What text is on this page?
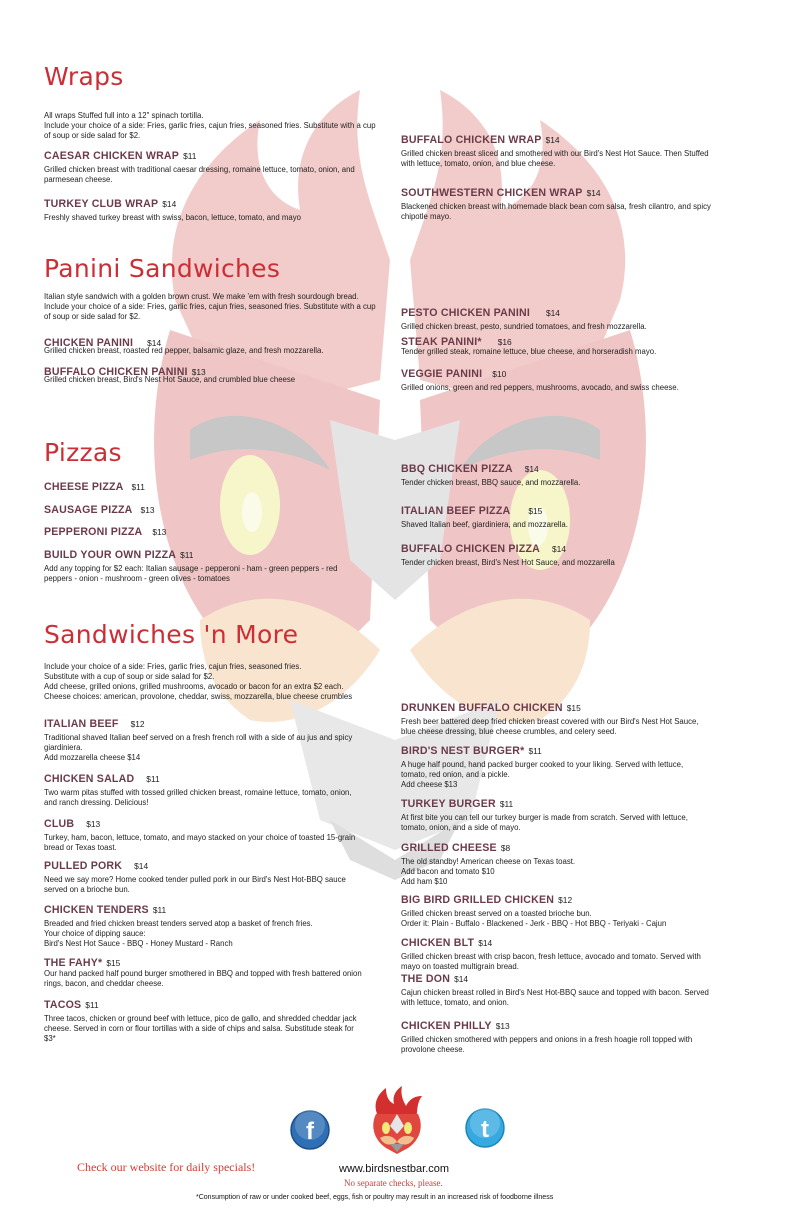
Wraps
All wraps Stuffed full into a 12" spinach tortilla.
Include your choice of a side: Fries, garlic fries, cajun fries, seasoned fries. Substitute with a cup of soup or side salad for $2.
CAESAR CHICKEN WRAP $11
Grilled chicken breast with traditional caesar dressing, romaine lettuce, tomato, onion, and parmesean cheese.
TURKEY CLUB WRAP $14
Freshly shaved turkey breast with swiss, bacon, lettuce, tomato, and mayo
BUFFALO CHICKEN WRAP $14
Grilled chicken breast sliced and smothered with our Bird's Nest Hot Sauce. Then Stuffed with lettuce, tomato, onion, and blue cheese.
SOUTHWESTERN CHICKEN WRAP $14
Blackened chicken breast with homemade black bean corn salsa, fresh cilantro, and spicy chipotle mayo.
Panini Sandwiches
Italian style sandwich with a golden brown crust. We make 'em with fresh sourdough bread. Include your choice of a side: Fries, garlic fries, cajun fries, seasoned fries. Substitute with a cup of soup or side salad for $2.
CHICKEN PANINI $14
Grilled chicken breast, roasted red pepper, balsamic glaze, and fresh mozzarella.
BUFFALO CHICKEN PANINI $13
Grilled chicken breast, Bird's Nest Hot Sauce, and crumbled blue cheese
PESTO CHICKEN PANINI $14
Grilled chicken breast, pesto, sundried tomatoes, and fresh mozzarella.
STEAK PANINI* $16
Tender grilled steak, romaine lettuce, blue cheese, and horseradish mayo.
VEGGIE PANINI $10
Grilled onions, green and red peppers, mushrooms, avocado, and swiss cheese.
Pizzas
CHEESE PIZZA $11
SAUSAGE PIZZA $13
PEPPERONI PIZZA $13
BUILD YOUR OWN PIZZA $11
Add any topping for $2 each: Italian sausage - pepperoni - ham - green peppers - red peppers - onion - mushroom - green olives - tomatoes
BBQ CHICKEN PIZZA $14
Tender chicken breast, BBQ sauce, and mozzarella.
ITALIAN BEEF PIZZA $15
Shaved Italian beef, giardiniera, and mozzarella.
BUFFALO CHICKEN PIZZA $14
Tender chicken breast, Bird's Nest Hot Sauce, and mozzarella
Sandwiches 'n More
Include your choice of a side: Fries, garlic fries, cajun fries, seasoned fries.
Substitute with a cup of soup or side salad for $2.
Add cheese, grilled onions, grilled mushrooms, avocado or bacon for an extra $2 each.
Cheese choices: american, provolone, cheddar, swiss, mozzarella, blue cheese crumbles
ITALIAN BEEF $12
Traditional shaved Italian beef served on a fresh french roll with a side of au jus and spicy giardiniera.
Add mozzarella cheese $14
CHICKEN SALAD $11
Two warm pitas stuffed with tossed grilled chicken breast, romaine lettuce, tomato, onion, and ranch dressing. Delicious!
CLUB $13
Turkey, ham, bacon, lettuce, tomato, and mayo stacked on your choice of toasted 15-grain bread or Texas toast.
PULLED PORK $14
Need we say more? Home cooked tender pulled pork in our Bird's Nest Hot-BBQ sauce served on a brioche bun.
CHICKEN TENDERS $11
Breaded and fried chicken breast tenders served atop a basket of french fries.
Your choice of dipping sauce:
Bird's Nest Hot Sauce - BBQ - Honey Mustard - Ranch
THE FAHY* $15
Our hand packed half pound burger smothered in BBQ and topped with fresh battered onion rings, bacon, and cheddar cheese.
TACOS $11
Three tacos, chicken or ground beef with lettuce, pico de gallo, and shredded cheddar jack cheese. Served in corn or flour tortillas with a side of chips and salsa. Substitude steak for $3*
DRUNKEN BUFFALO CHICKEN $15
Fresh beer battered deep fried chicken breast covered with our Bird's Nest Hot Sauce, blue cheese dressing, blue cheese crumbles, and celery seed.
BIRD'S NEST BURGER* $11
A huge half pound, hand packed burger cooked to your liking. Served with lettuce, tomato, red onion, and a pickle.
Add cheese $13
TURKEY BURGER $11
At first bite you can tell our turkey burger is made from scratch. Served with lettuce, tomato, onion, and a side of mayo.
GRILLED CHEESE $8
The old standby! American cheese on Texas toast.
Add bacon and tomato $10
Add ham $10
BIG BIRD GRILLED CHICKEN $12
Grilled chicken breast served on a toasted brioche bun.
Order it: Plain - Buffalo - Blackened - Jerk - BBQ - Hot BBQ - Teriyaki - Cajun
CHICKEN BLT $14
Grilled chicken breast with crisp bacon, fresh lettuce, avocado and tomato. Served with mayo on toasted multigrain bread.
THE DON $14
Cajun chicken breast rolled in Bird's Nest Hot-BBQ sauce and topped with bacon. Served with lettuce, tomato, and onion.
CHICKEN PHILLY $13
Grilled chicken smothered with peppers and onions in a fresh hoagie roll topped with provolone cheese.
f	t
Check our website for daily specials!	www.birdsnestbar.com
No separate checks, please.
*Consumption of raw or under cooked beef, eggs, fish or poultry may result in an increased risk of foodborne illness
